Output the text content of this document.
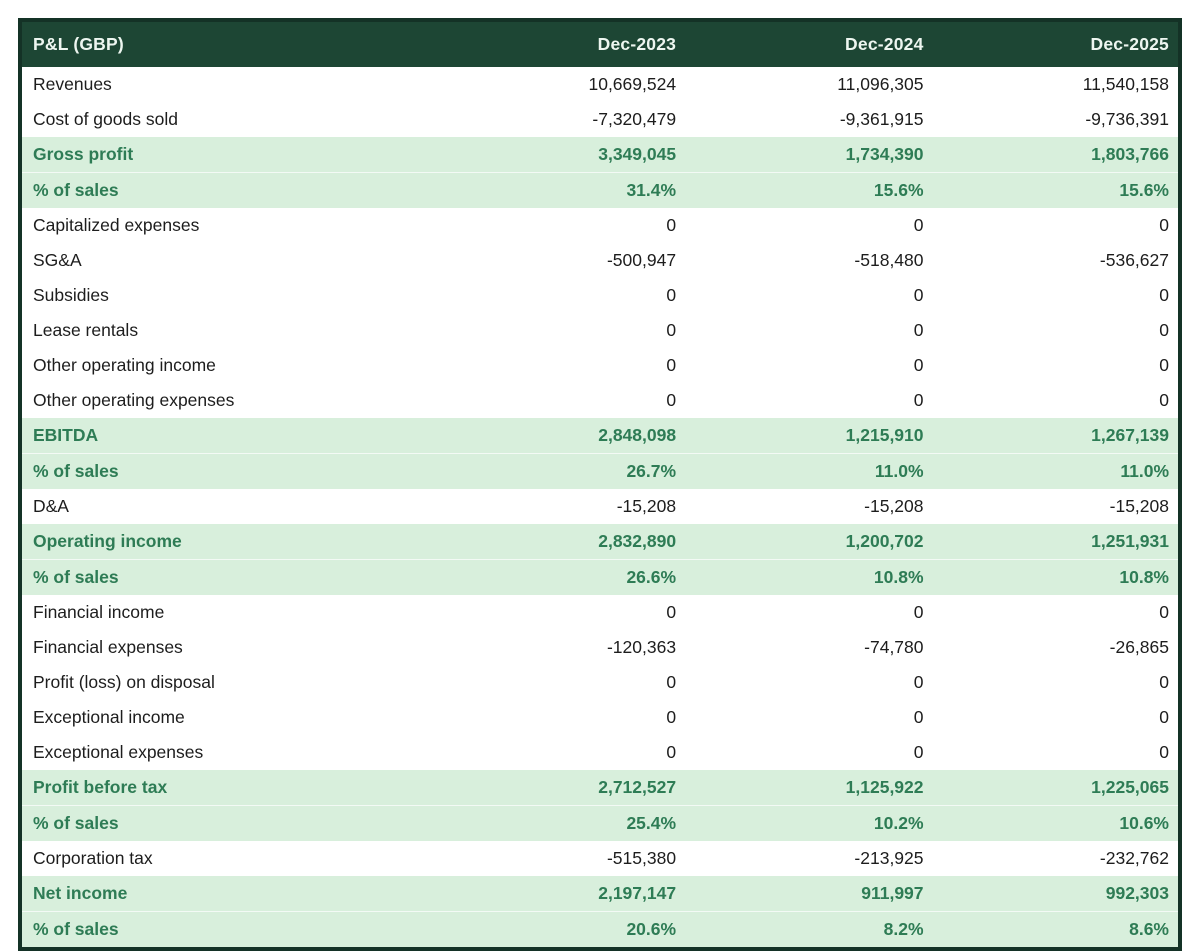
P&L (GBP)	Dec-2023	Dec-2024	Dec-2025
Revenues	10,669,524	11,096,305	11,540,158
Cost of goods sold	-7,320,479	-9,361,915	-9,736,391
Gross profit	3,349,045	1,734,390	1,803,766
% of sales	31.4%	15.6%	15.6%
Capitalized expenses	0	0	0
SG&A	-500,947	-518,480	-536,627
Subsidies	0	0	0
Lease rentals	0	0	0
Other operating income	0	0	0
Other operating expenses	0	0	0
EBITDA	2,848,098	1,215,910	1,267,139
% of sales	26.7%	11.0%	11.0%
D&A	-15,208	-15,208	-15,208
Operating income	2,832,890	1,200,702	1,251,931
% of sales	26.6%	10.8%	10.8%
Financial income	0	0	0
Financial expenses	-120,363	-74,780	-26,865
Profit (loss) on disposal	0	0	0
Exceptional income	0	0	0
Exceptional expenses	0	0	0
Profit before tax	2,712,527	1,125,922	1,225,065
% of sales	25.4%	10.2%	10.6%
Corporation tax	-515,380	-213,925	-232,762
Net income	2,197,147	911,997	992,303
% of sales	20.6%	8.2%	8.6%
